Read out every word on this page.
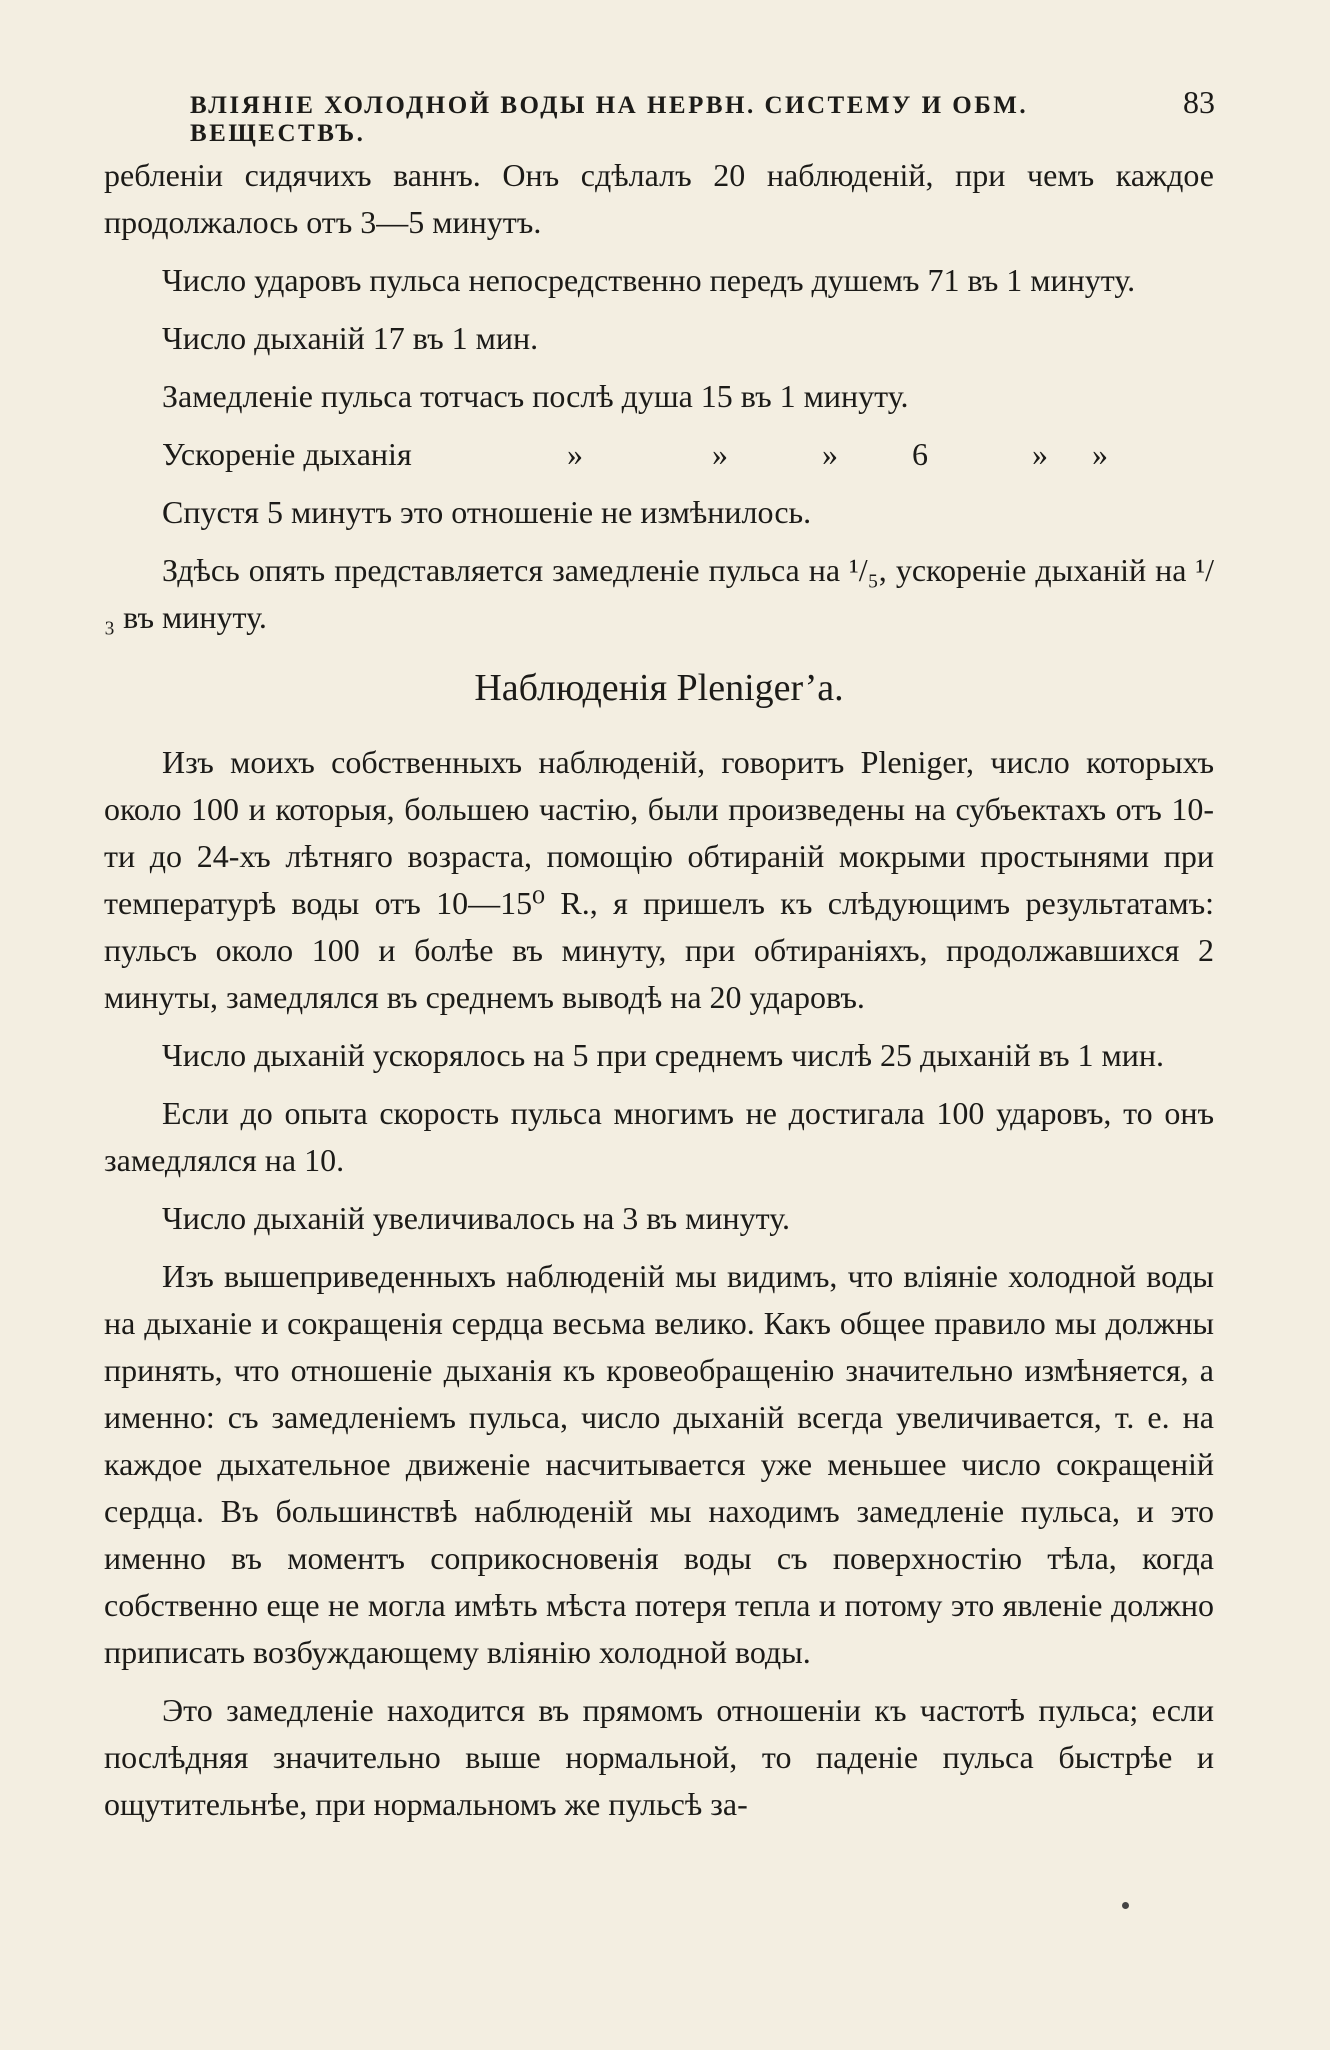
ВЛІЯНІЕ ХОЛОДНОЙ ВОДЫ НА НЕРВН. СИСТЕМУ И ОБМ. ВЕЩЕСТВЪ.
83

ребленіи сидячихъ ваннъ. Онъ сдѣлалъ 20 наблюденій, при чемъ каждое продолжалось отъ 3—5 минутъ.

Число ударовъ пульса непосредственно передъ душемъ 71 въ 1 минуту.

Число дыханій 17 въ 1 мин.

Замедленіе пульса тотчасъ послѣ душа 15 въ 1 минуту.

Ускореніе дыханія	»	»	»	6	»	»

Спустя 5 минутъ это отношеніе не измѣнилось.

Здѣсь опять представляется замедленіе пульса на ¹/₅, ускореніе дыханій на ¹/₃ въ минуту.

Наблюденія Pleniger’a.

Изъ моихъ собственныхъ наблюденій, говоритъ Pleniger, число которыхъ около 100 и которыя, большею частію, были произведены на субъектахъ отъ 10-ти до 24-хъ лѣтняго возраста, помощію обтираній мокрыми простынями при температурѣ воды отъ 10—15⁰ R., я пришелъ къ слѣдующимъ результатамъ: пульсъ около 100 и болѣе въ минуту, при обтираніяхъ, продолжавшихся 2 минуты, замедлялся въ среднемъ выводѣ на 20 ударовъ.

Число дыханій ускорялось на 5 при среднемъ числѣ 25 дыханій въ 1 мин.

Если до опыта скорость пульса многимъ не достигала 100 ударовъ, то онъ замедлялся на 10.

Число дыханій увеличивалось на 3 въ минуту.

Изъ вышеприведенныхъ наблюденій мы видимъ, что вліяніе холодной воды на дыханіе и сокращенія сердца весьма велико. Какъ общее правило мы должны принять, что отношеніе дыханія къ кровеобращенію значительно измѣняется, а именно: съ замедленіемъ пульса, число дыханій всегда увеличивается, т. е. на каждое дыхательное движеніе насчитывается уже меньшее число сокращеній сердца. Въ большинствѣ наблюденій мы находимъ замедленіе пульса, и это именно въ моментъ соприкосновенія воды съ поверхностію тѣла, когда собственно еще не могла имѣть мѣста потеря тепла и потому это явленіе должно приписать возбуждающему вліянію холодной воды.

Это замедленіе находится въ прямомъ отношеніи къ частотѣ пульса; если послѣдняя значительно выше нормальной, то паденіе пульса быстрѣе и ощутительнѣе, при нормальномъ же пульсѣ за-
